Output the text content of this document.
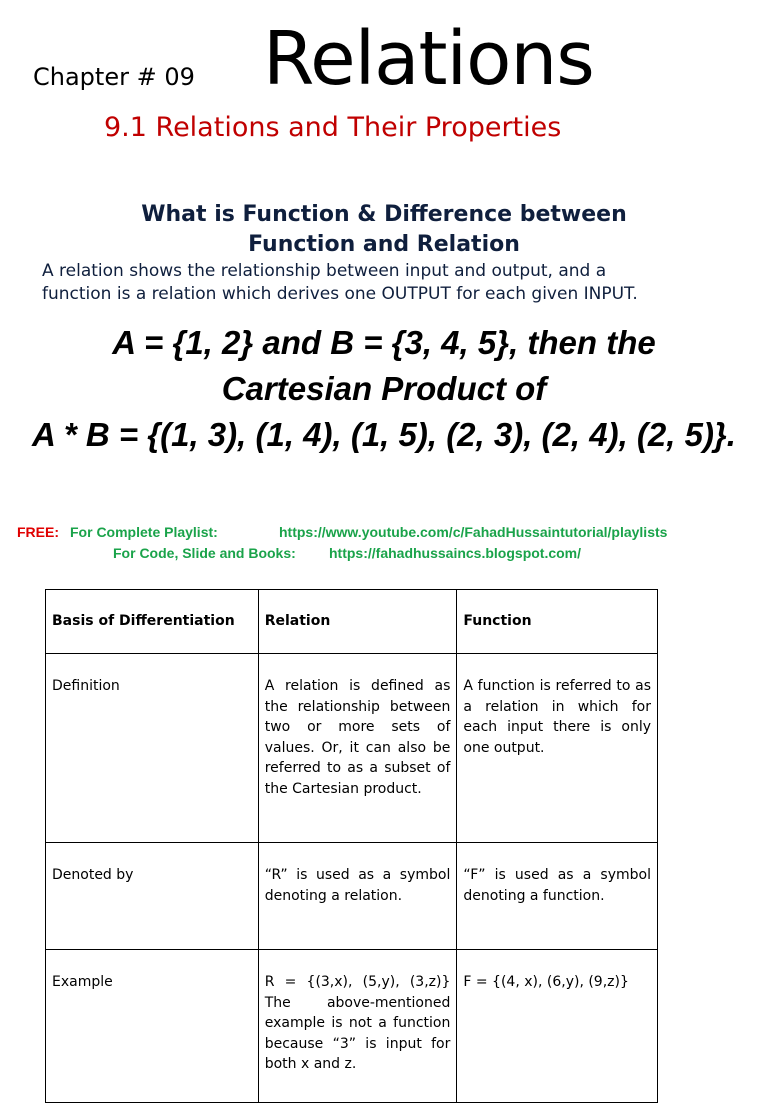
Chapter # 09 Relations
9.1 Relations and Their Properties
What is Function & Difference between
Function and Relation
A relation shows the relationship between input and output, and a
function is a relation which derives one OUTPUT for each given INPUT.
A = {1, 2} and B = {3, 4, 5}, then the
Cartesian Product of
A * B = {(1, 3), (1, 4), (1, 5), (2, 3), (2, 4), (2, 5)}.
FREE: For Complete Playlist:	https://www.youtube.com/c/FahadHussaintutorial/playlists
For Code, Slide and Books: https://fahadhussaincs.blogspot.com/
Basis of Differentiation	Relation	Function
Definition	A relation is defined as the relationship between two or more sets of values. Or, it can also be referred to as a subset of the Cartesian product.	A function is referred to as a relation in which for each input there is only one output.
Denoted by	“R” is used as a symbol denoting a relation.	“F” is used as a symbol denoting a function.
Example	R = {(3,x), (5,y), (3,z)} The above-mentioned example is not a function because “3” is input for both x and z.	F = {(4, x), (6,y), (9,z)}
